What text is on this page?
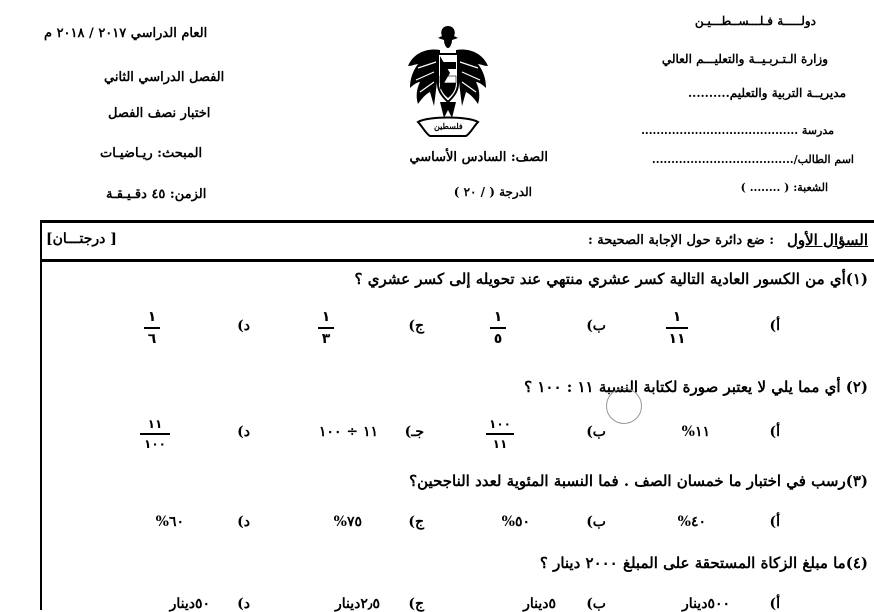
دولـــــة فـلـــســطـــيـن
وزارة الـتـربـيــة والتعليـــم العالي
مديريــة التربية والتعليم..........
مدرسة .........................................
اسم الطالب/.....................................
الشعبة: ( ........ )
فلسطين
الصف: السادس الأساسي
الدرجة ( / ٢٠ )
العام الدراسي ٢٠١٧ / ٢٠١٨ م
الفصل الدراسي الثاني
اختبار نصف الفصل
المبحث: ريـاضيـات
الزمن: ٤٥ دقـيـقـة
السؤال الأول
: ضع دائرة حول الإجابة الصحيحة :
[ درجتـــان]
(١)أي من الكسور العادية التالية كسر عشري منتهي عند تحويله إلى كسر عشري ؟
أ)
١
١١
ب)
١
٥
ج)
١
٣
د)
١
٦
(٢) أي مما يلي لا يعتبر صورة لكتابة النسبة ١١ : ١٠٠ ؟
أ)
١١%
ب)
١٠٠
١١
جـ)
١١ ÷ ١٠٠
د)
١١
١٠٠
(٣)رسب في اختبار ما خمسان الصف . فما النسبة المئوية لعدد الناجحين؟
أ)
٤٠%
ب)
٥٠%
ج)
٧٥%
د)
٦٠%
(٤)ما مبلغ الزكاة المستحقة على المبلغ ٢٠٠٠ دينار ؟
أ)
٥٠٠دينار
ب)
٥دينار
ج)
٢٫٥دينار
د)
٥٠دينار
